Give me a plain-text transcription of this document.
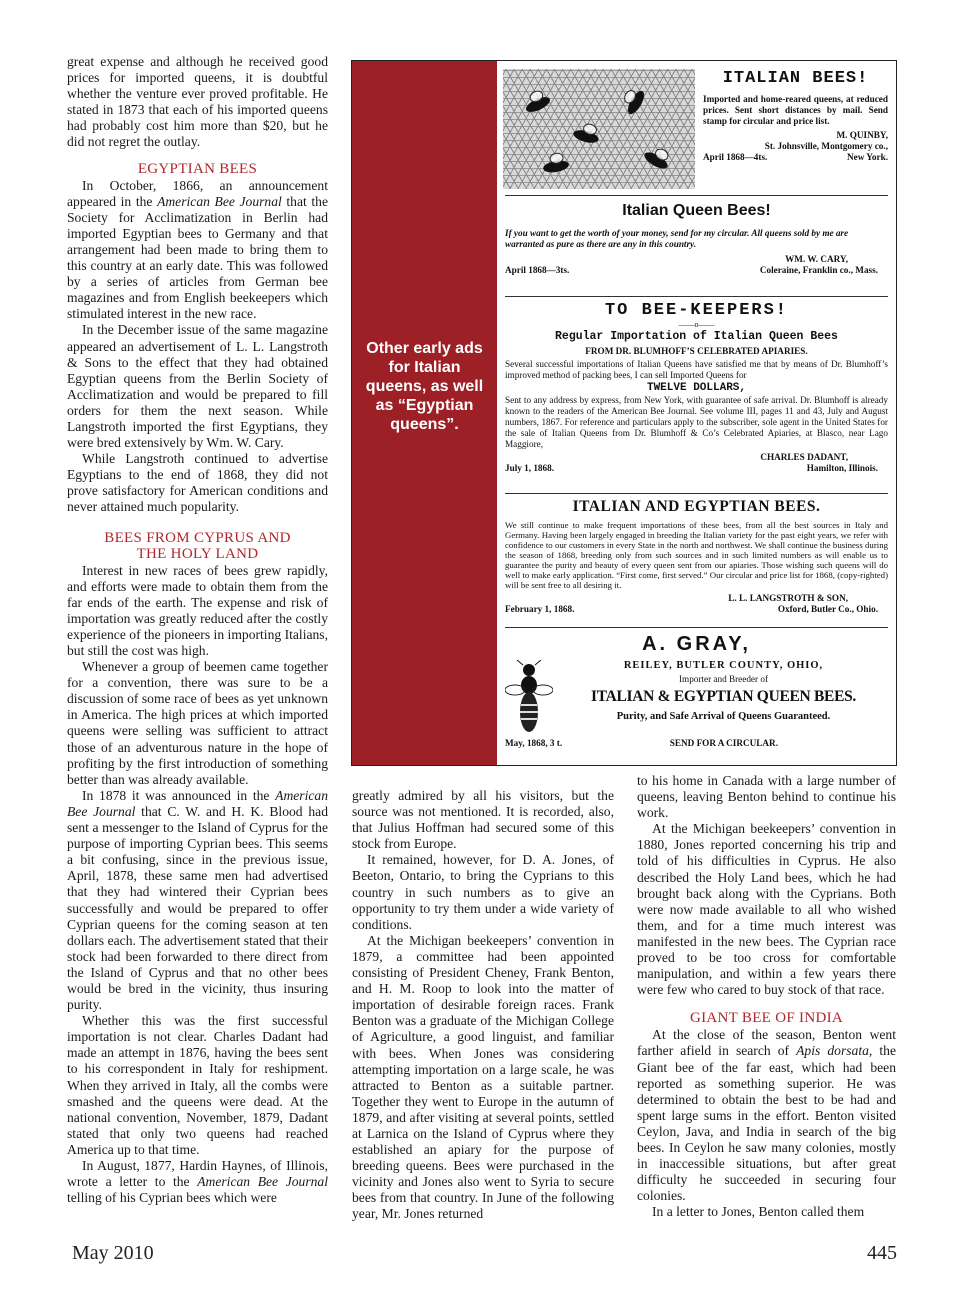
great expense and although he received good prices for imported queens, it is doubtful whether the venture ever proved profitable. He stated in 1873 that each of his imported queens had probably cost him more than $20, but he did not regret the outlay.

EGYPTIAN BEES

In October, 1866, an announcement appeared in the American Bee Journal that the Society for Acclimatization in Berlin had imported Egyptian bees to Germany and that arrangement had been made to bring them to this country at an early date. This was followed by a series of articles from German bee magazines and from English beekeepers which stimulated interest in the new race.

In the December issue of the same magazine appeared an advertisement of L. L. Langstroth & Sons to the effect that they had obtained Egyptian queens from the Berlin Society of Acclimatization and would be prepared to fill orders for them the next season. While Langstroth imported the first Egyptians, they were bred extensively by Wm. W. Cary.

While Langstroth continued to advertise Egyptians to the end of 1868, they did not prove satisfactory for American conditions and never attained much popularity.

BEES FROM CYPRUS AND THE HOLY LAND

Interest in new races of bees grew rapidly, and efforts were made to obtain them from the far ends of the earth. The expense and risk of importation was greatly reduced after the costly experience of the pioneers in importing Italians, but still the cost was high.

Whenever a group of beemen came together for a convention, there was sure to be a discussion of some race of bees as yet unknown in America. The high prices at which imported queens were selling was sufficient to attract those of an adventurous nature in the hope of profiting by the first introduction of something better than was already available.

In 1878 it was announced in the American Bee Journal that C. W. and H. K. Blood had sent a messenger to the Island of Cyprus for the purpose of importing Cyprian bees. This seems a bit confusing, since in the previous issue, April, 1878, these same men had advertised that they had wintered their Cyprian bees successfully and would be prepared to offer Cyprian queens for the coming season at ten dollars each. The advertisement stated that their stock had been forwarded to there direct from the Island of Cyprus and that no other bees would be bred in the vicinity, thus insuring purity.

Whether this was the first successful importation is not clear. Charles Dadant had made an attempt in 1876, having the bees sent to his correspondent in Italy for reshipment. When they arrived in Italy, all the combs were smashed and the queens were dead. At the national convention, November, 1879, Dadant stated that only two queens had reached America up to that time.

In August, 1877, Hardin Haynes, of Illinois, wrote a letter to the American Bee Journal telling of his Cyprian bees which were

Other early ads for Italian queens, as well as “Egyptian queens”.
ITALIAN BEES!
Imported and home-reared queens, at reduced prices. Sent short distances by mail. Send stamp for circular and price list.
M. QUINBY,
St. Johnsville, Montgomery co.,
April 1868—4ts.	New York.
Italian Queen Bees!
If you want to get the worth of your money, send for my circular. All queens sold by me are warranted as pure as there are any in this country.
WM. W. CARY,
April 1868—3ts.	Coleraine, Franklin co., Mass.
TO BEE-KEEPERS!
——o——
Regular Importation of Italian Queen Bees
FROM DR. BLUMHOFF’S CELEBRATED APIARIES.
Several successful importations of Italian Queens have satisfied me that by means of Dr. Blumhoff’s improved method of packing bees, I can sell Imported Queens for
TWELVE DOLLARS,
Sent to any address by express, from New York, with guarantee of safe arrival. Dr. Blumhoff is already known to the readers of the American Bee Journal. See volume III, pages 11 and 43, July and August numbers, 1867. For reference and particulars apply to the subscriber, sole agent in the United States for the sale of Italian Queens from Dr. Blumhoff & Co’s Celebrated Apiaries, at Blasco, near Lago Maggiore,
CHARLES DADANT,
July 1, 1868.	Hamilton, Illinois.
ITALIAN AND EGYPTIAN BEES.
We still continue to make frequent importations of these bees, from all the best sources in Italy and Germany. Having been largely engaged in breeding the Italian variety for the past eight years, we refer with confidence to our customers in every State in the north and northwest. We shall continue the business during the season of 1868, breeding only from such sources and in such limited numbers as will enable us to guarantee the purity and beauty of every queen sent from our apiaries. Those wishing such queens will do well to make early application. “First come, first served.” Our circular and price list for 1868, (copy-righted) will be sent free to all desiring it.
L. L. LANGSTROTH & SON,
February 1, 1868.	Oxford, Butler Co., Ohio.
A. GRAY,
REILEY, BUTLER COUNTY, OHIO,
Importer and Breeder of
ITALIAN & EGYPTIAN QUEEN BEES.
Purity, and Safe Arrival of Queens Guaranteed.
May, 1868, 3 t.	SEND FOR A CIRCULAR.

greatly admired by all his visitors, but the source was not mentioned. It is recorded, also, that Julius Hoffman had secured some of this stock from Europe.

It remained, however, for D. A. Jones, of Beeton, Ontario, to bring the Cyprians to this country in such numbers as to give an opportunity to try them under a wide variety of conditions.

At the Michigan beekeepers’ convention in 1879, a committee had been appointed consisting of President Cheney, Frank Benton, and H. M. Roop to look into the matter of importation of desirable foreign races. Frank Benton was a graduate of the Michigan College of Agriculture, a good linguist, and familiar with bees. When Jones was considering attempting importation on a large scale, he was attracted to Benton as a suitable partner. Together they went to Europe in the autumn of 1879, and after visiting at several points, settled at Larnica on the Island of Cyprus where they established an apiary for the purpose of breeding queens. Bees were purchased in the vicinity and Jones also went to Syria to secure bees from that country. In June of the following year, Mr. Jones returned

to his home in Canada with a large number of queens, leaving Benton behind to continue his work.

At the Michigan beekeepers’ convention in 1880, Jones reported concerning his trip and told of his difficulties in Cyprus. He also described the Holy Land bees, which he had brought back along with the Cyprians. Both were now made available to all who wished them, and for a time much interest was manifested in the new bees. The Cyprian race proved to be too cross for comfortable manipulation, and within a few years there were few who cared to buy stock of that race.

GIANT BEE OF INDIA

At the close of the season, Benton went farther afield in search of Apis dorsata, the Giant bee of the far east, which had been reported as something superior. He was determined to obtain the best to be had and spent large sums in the effort. Benton visited Ceylon, Java, and India in search of the big bees. In Ceylon he saw many colonies, mostly in inaccessible situations, but after great difficulty he succeeded in securing four colonies.

In a letter to Jones, Benton called them

May 2010	445
